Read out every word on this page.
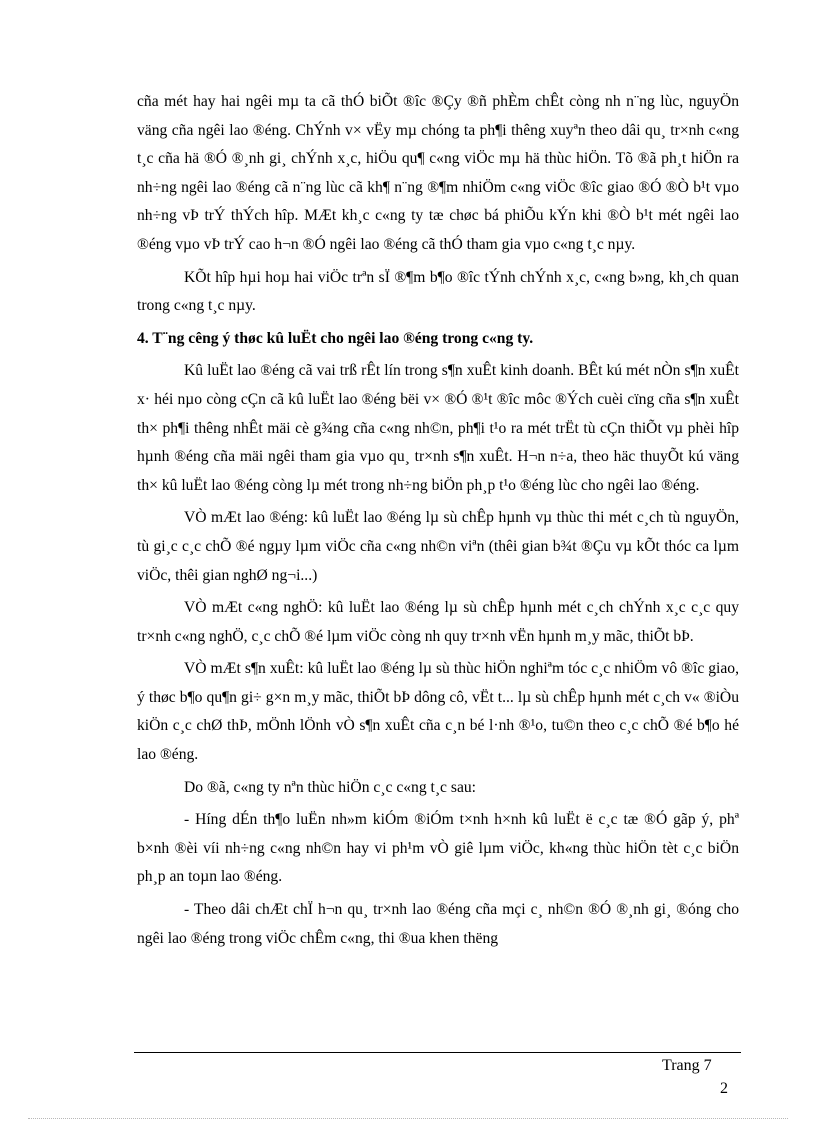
cña mét hay hai ngêi mµ ta cã thÓ biÕt ®îc ®Çy ®ñ phÈm chÊt còng nh n¨ng lùc, nguyÖn väng cña ngêi lao ®éng. ChÝnh v× vËy mµ chóng ta ph¶i thêng xuyªn theo dâi qu¸ tr×nh c«ng t¸c cña hä ®Ó ®¸nh gi¸ chÝnh x¸c, hiÖu qu¶ c«ng viÖc mµ hä thùc hiÖn. Tõ ®ã ph¸t hiÖn ra nh÷ng ngêi lao ®éng cã n¨ng lùc cã kh¶ n¨ng ®¶m nhiÖm c«ng viÖc ®îc giao ®Ó ®Ò b¹t vµo nh÷ng vÞ trÝ thÝch hîp. MÆt kh¸c c«ng ty tæ chøc bá phiÕu kÝn khi ®Ò b¹t mét ngêi lao ®éng vµo vÞ trÝ cao h¬n ®Ó ngêi lao ®éng cã thÓ tham gia vµo c«ng t¸c nµy.

KÕt hîp hµi hoµ hai viÖc trªn sÏ ®¶m b¶o ®îc tÝnh chÝnh x¸c, c«ng b»ng, kh¸ch quan trong c«ng t¸c nµy.

4. T¨ng cêng ý thøc kû luËt cho ngêi lao ®éng trong c«ng ty.

Kû luËt lao ®éng cã vai trß rÊt lín trong s¶n xuÊt kinh doanh. BÊt kú mét nÒn s¶n xuÊt x· héi nµo còng cÇn cã kû luËt lao ®éng bëi v× ®Ó ®¹t ®îc môc ®Ých cuèi cïng cña s¶n xuÊt th× ph¶i thêng nhÊt mäi cè g¾ng cña c«ng nh©n, ph¶i t¹o ra mét trËt tù cÇn thiÕt vµ phèi hîp hµnh ®éng cña mäi ngêi tham gia vµo qu¸ tr×nh s¶n xuÊt. H¬n n÷a, theo häc thuyÕt kú väng th× kû luËt lao ®éng còng lµ mét trong nh÷ng biÖn ph¸p t¹o ®éng lùc cho ngêi lao ®éng.

VÒ mÆt lao ®éng: kû luËt lao ®éng lµ sù chÊp hµnh vµ thùc thi mét c¸ch tù nguyÖn, tù gi¸c c¸c chÕ ®é ngµy lµm viÖc cña c«ng nh©n viªn (thêi gian b¾t ®Çu vµ kÕt thóc ca lµm viÖc, thêi gian nghØ ng¬i...)

VÒ mÆt c«ng nghÖ: kû luËt lao ®éng lµ sù chÊp hµnh mét c¸ch chÝnh x¸c c¸c quy tr×nh c«ng nghÖ, c¸c chÕ ®é lµm viÖc còng nh quy tr×nh vËn hµnh m¸y mãc, thiÕt bÞ.

VÒ mÆt s¶n xuÊt: kû luËt lao ®éng lµ sù thùc hiÖn nghiªm tóc c¸c nhiÖm vô ®îc giao, ý thøc b¶o qu¶n gi÷ g×n m¸y mãc, thiÕt bÞ dông cô, vËt t... lµ sù chÊp hµnh mét c¸ch v« ®iÒu kiÖn c¸c chØ thÞ, mÖnh lÖnh vÒ s¶n xuÊt cña c¸n bé l·nh ®¹o, tu©n theo c¸c chÕ ®é b¶o hé lao ®éng.

Do ®ã, c«ng ty nªn thùc hiÖn c¸c c«ng t¸c sau:

- Híng dÉn th¶o luËn nh»m kiÓm ®iÓm t×nh h×nh kû luËt ë c¸c tæ ®Ó gãp ý, phª b×nh ®èi víi nh÷ng c«ng nh©n hay vi ph¹m vÒ giê lµm viÖc, kh«ng thùc hiÖn tèt c¸c biÖn ph¸p an toµn lao ®éng.

- Theo dâi chÆt chÏ h¬n qu¸ tr×nh lao ®éng cña mçi c¸ nh©n ®Ó ®¸nh gi¸ ®óng cho ngêi lao ®éng trong viÖc chÊm c«ng, thi ®ua khen thëng

Trang 7
2
